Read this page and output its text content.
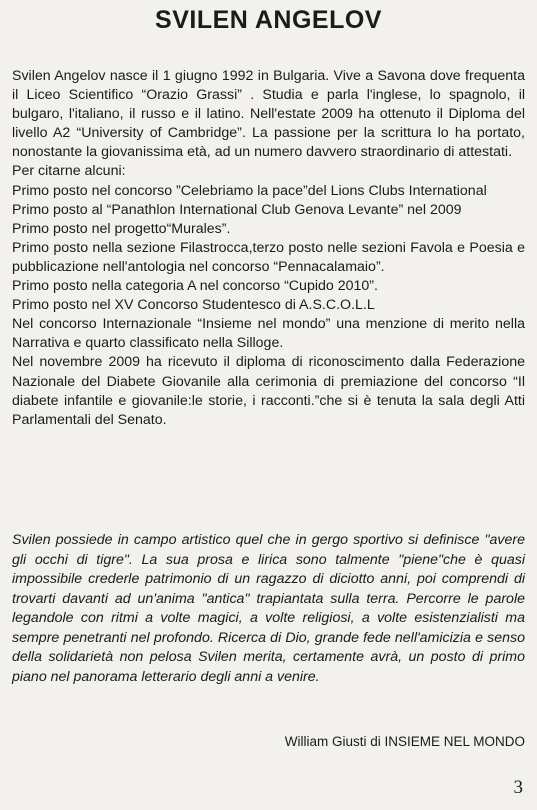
SVILEN ANGELOV

Svilen Angelov nasce il 1 giugno 1992 in Bulgaria. Vive a Savona dove frequenta il Liceo Scientifico “Orazio Grassi” . Studia e parla l'inglese, lo spagnolo, il bulgaro, l'italiano, il russo e il latino. Nell'estate 2009 ha ottenuto il Diploma del livello A2 “University of Cambridge”. La passione per la scrittura lo ha portato, nonostante la giovanissima età, ad un numero davvero straordinario di attestati.

Per citarne alcuni:

Primo posto nel concorso ”Celebriamo la pace”del Lions Clubs International

Primo posto al “Panathlon International Club Genova Levante” nel 2009

Primo posto nel progetto“Murales”.

Primo posto nella sezione Filastrocca,terzo posto nelle sezioni Favola e Poesia e pubblicazione nell'antologia nel concorso “Pennacalamaio”.

Primo posto nella categoria A nel concorso “Cupido 2010”.

Primo posto nel XV Concorso Studentesco di A.S.C.O.L.L

Nel concorso Internazionale “Insieme nel mondo” una menzione di merito nella Narrativa e quarto classificato nella Silloge.

Nel novembre 2009 ha ricevuto il diploma di riconoscimento dalla Federazione Nazionale del Diabete Giovanile alla cerimonia di premiazione del concorso “Il diabete infantile e giovanile:le storie, i racconti.”che si è tenuta la sala degli Atti Parlamentali del Senato.

Svilen possiede in campo artistico quel che in gergo sportivo si definisce "avere gli occhi di tigre". La sua prosa e lirica sono talmente "piene"che è quasi impossibile crederle patrimonio di un ragazzo di diciotto anni, poi comprendi di trovarti davanti ad un'anima "antica" trapiantata sulla terra. Percorre le parole legandole con ritmi a volte magici, a volte religiosi, a volte esistenzialisti ma sempre penetranti nel profondo. Ricerca di Dio, grande fede nell'amicizia e senso della solidarietà non pelosa Svilen merita, certamente avrà, un posto di primo piano nel panorama letterario degli anni a venire.
William Giusti di INSIEME NEL MONDO
3
